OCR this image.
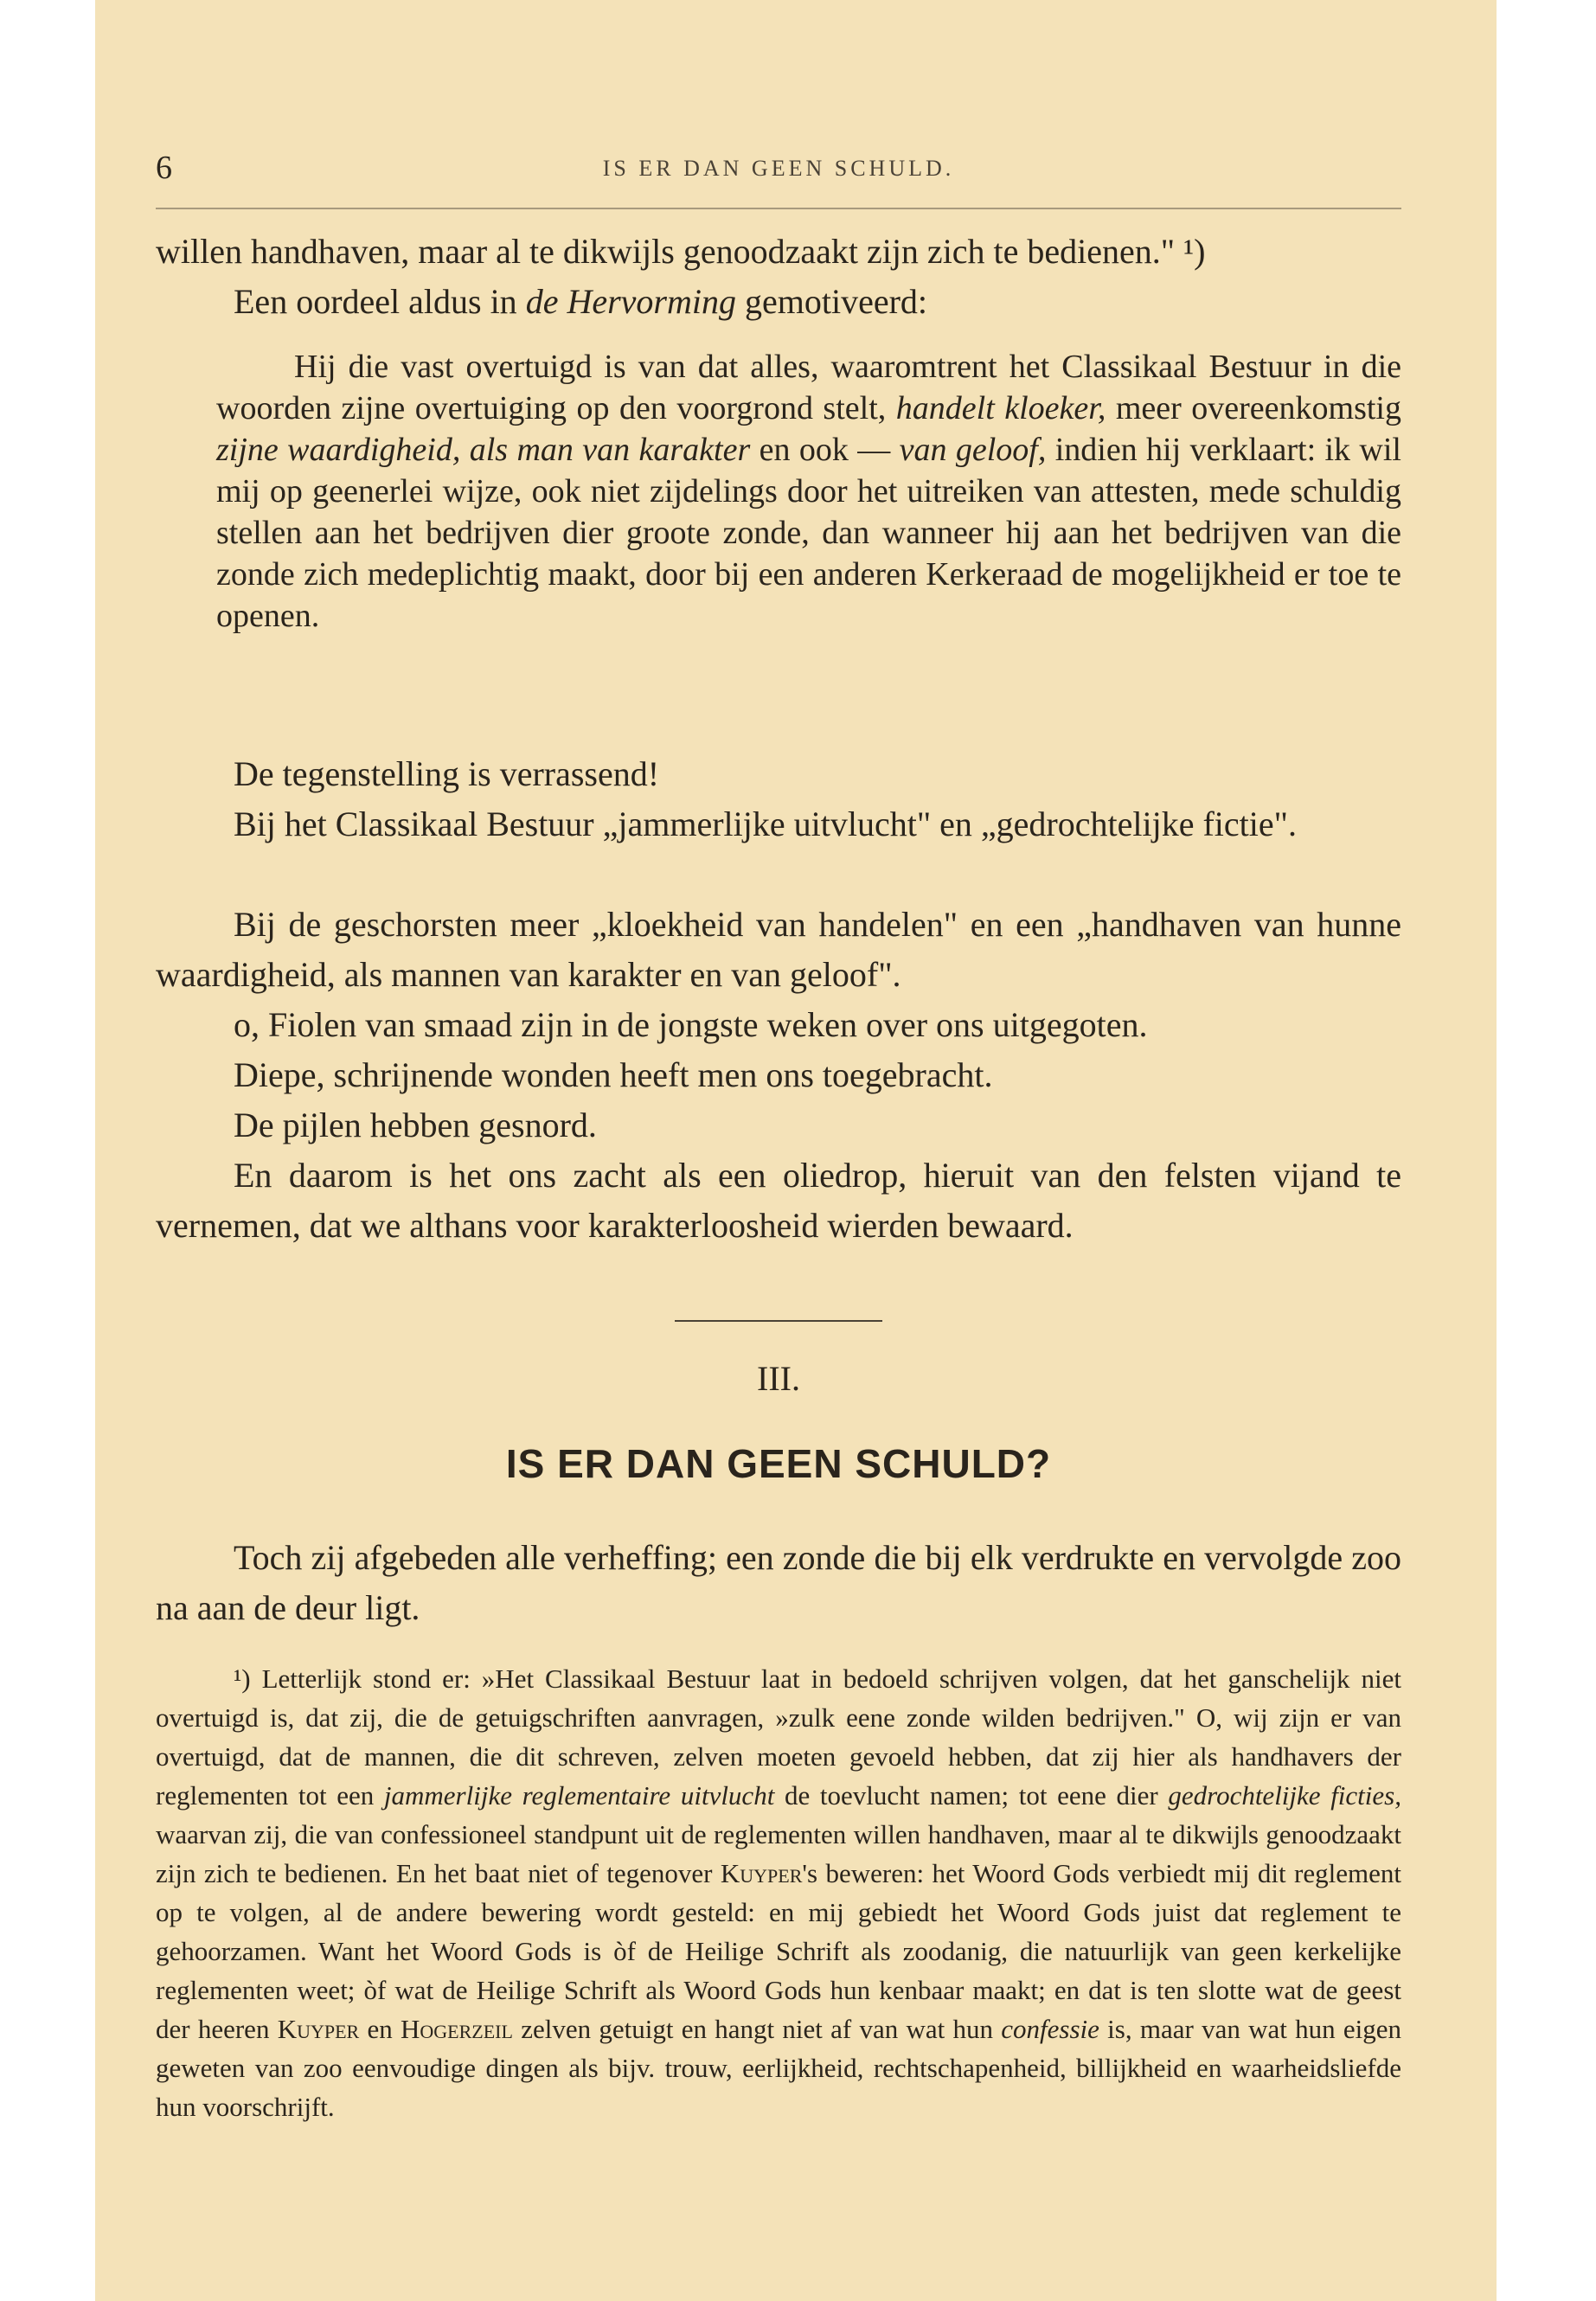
6	IS ER DAN GEEN SCHULD.
willen handhaven, maar al te dikwijls genoodzaakt zijn zich te bedienen." ¹)
Een oordeel aldus in de Hervorming gemotiveerd:
Hij die vast overtuigd is van dat alles, waaromtrent het Classikaal Bestuur in die woorden zijne overtuiging op den voorgrond stelt, handelt kloeker, meer overeenkomstig zijne waardigheid, als man van karakter en ook — van geloof, indien hij verklaart: ik wil mij op geenerlei wijze, ook niet zijdelings door het uitreiken van attesten, mede schuldig stellen aan het bedrijven dier groote zonde, dan wanneer hij aan het bedrijven van die zonde zich medeplichtig maakt, door bij een anderen Kerkeraad de mogelijkheid er toe te openen.
De tegenstelling is verrassend!
Bij het Classikaal Bestuur „jammerlijke uitvlucht" en „gedrochtelijke fictie".
Bij de geschorsten meer „kloekheid van handelen" en een „handhaven van hunne waardigheid, als mannen van karakter en van geloof".
o, Fiolen van smaad zijn in de jongste weken over ons uitgegoten.
Diepe, schrijnende wonden heeft men ons toegebracht.
De pijlen hebben gesnord.
En daarom is het ons zacht als een oliedrop, hieruit van den felsten vijand te vernemen, dat we althans voor karakterloosheid wierden bewaard.
III.
IS ER DAN GEEN SCHULD?
Toch zij afgebeden alle verheffing; een zonde die bij elk verdrukte en vervolgde zoo na aan de deur ligt.
¹) Letterlijk stond er: »Het Classikaal Bestuur laat in bedoeld schrijven volgen, dat het ganschelijk niet overtuigd is, dat zij, die de getuigschriften aanvragen, »zulk eene zonde wilden bedrijven." O, wij zijn er van overtuigd, dat de mannen, die dit schreven, zelven moeten gevoeld hebben, dat zij hier als handhavers der reglementen tot een jammerlijke reglementaire uitvlucht de toevlucht namen; tot eene dier gedrochtelijke ficties, waarvan zij, die van confessioneel standpunt uit de reglementen willen handhaven, maar al te dikwijls genoodzaakt zijn zich te bedienen. En het baat niet of tegenover Kuyper's beweren: het Woord Gods verbiedt mij dit reglement op te volgen, al de andere bewering wordt gesteld: en mij gebiedt het Woord Gods juist dat reglement te gehoorzamen. Want het Woord Gods is òf de Heilige Schrift als zoodanig, die natuurlijk van geen kerkelijke reglementen weet; òf wat de Heilige Schrift als Woord Gods hun kenbaar maakt; en dat is ten slotte wat de geest der heeren Kuyper en Hogerzeil zelven getuigt en hangt niet af van wat hun confessie is, maar van wat hun eigen geweten van zoo eenvoudige dingen als bijv. trouw, eerlijkheid, rechtschapenheid, billijkheid en waarheidsliefde hun voorschrijft.
